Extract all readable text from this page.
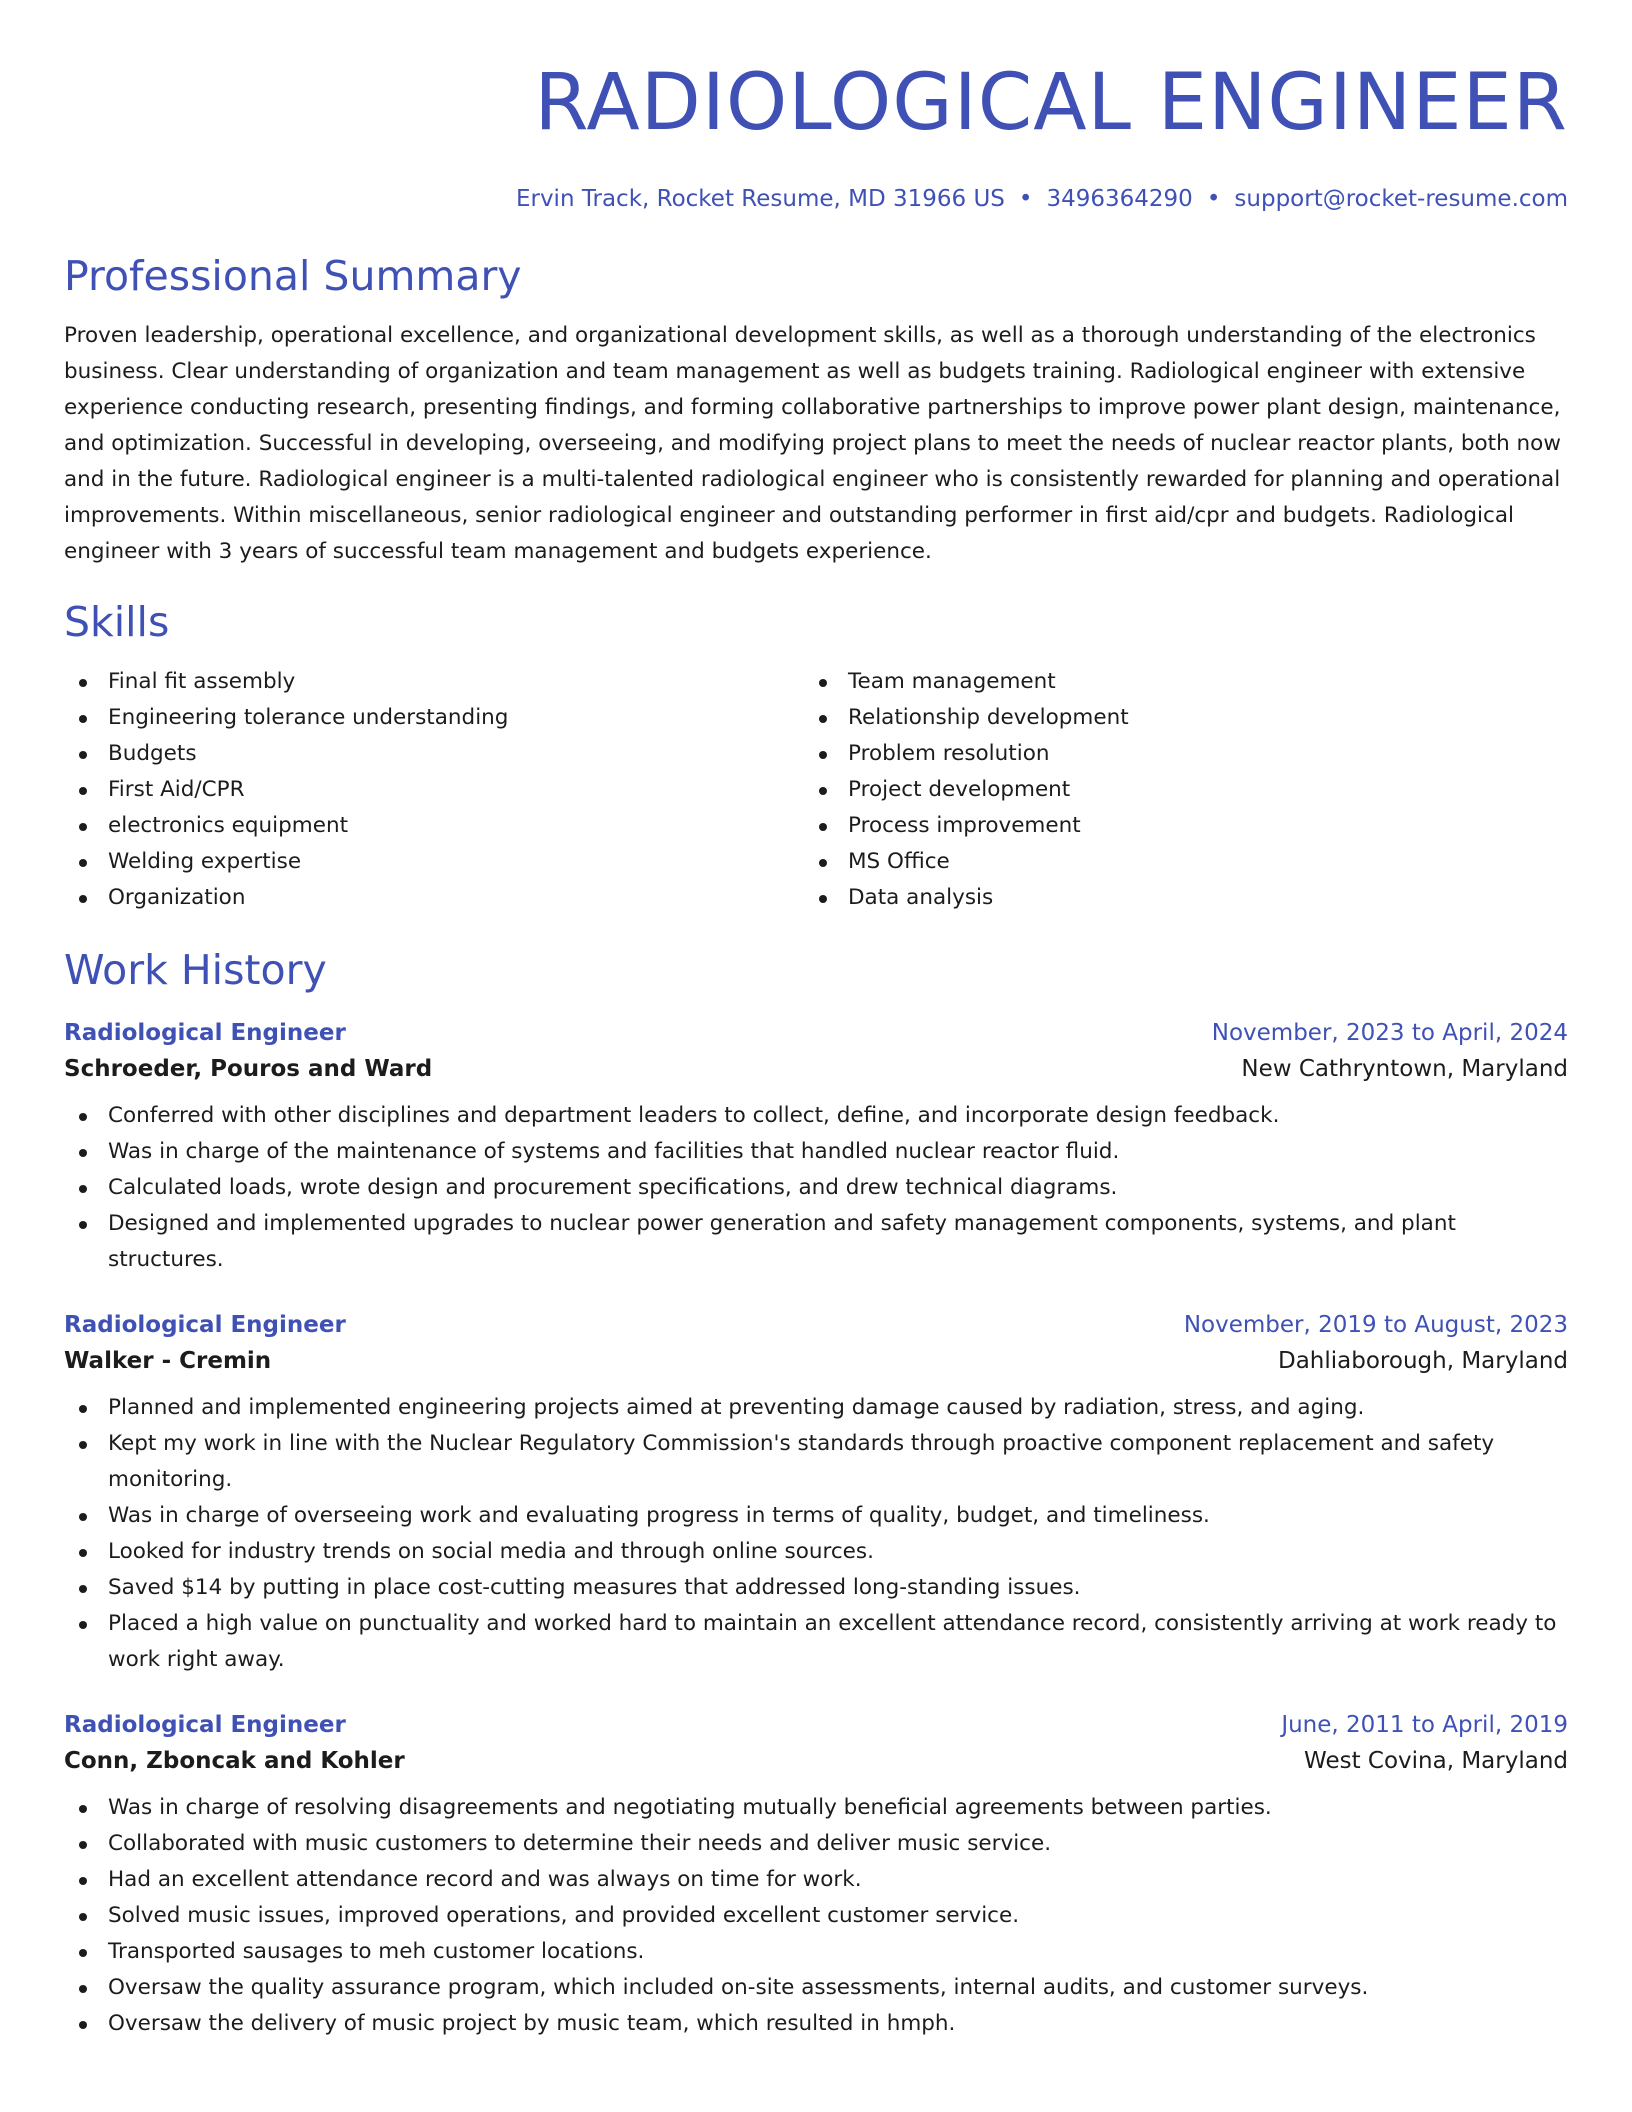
RADIOLOGICAL ENGINEER
Ervin Track, Rocket Resume, MD 31966 US • 3496364290 • support@rocket-resume.com
Professional Summary
Proven leadership, operational excellence, and organizational development skills, as well as a thorough understanding of the electronics business. Clear understanding of organization and team management as well as budgets training. Radiological engineer with extensive experience conducting research, presenting findings, and forming collaborative partnerships to improve power plant design, maintenance, and optimization. Successful in developing, overseeing, and modifying project plans to meet the needs of nuclear reactor plants, both now and in the future. Radiological engineer is a multi-talented radiological engineer who is consistently rewarded for planning and operational improvements. Within miscellaneous, senior radiological engineer and outstanding performer in first aid/cpr and budgets. Radiological engineer with 3 years of successful team management and budgets experience.
Skills
Final fit assembly
Engineering tolerance understanding
Budgets
First Aid/CPR
electronics equipment
Welding expertise
Organization
Team management
Relationship development
Problem resolution
Project development
Process improvement
MS Office
Data analysis
Work History
Radiological Engineer	November, 2023 to April, 2024
Schroeder, Pouros and Ward	New Cathryntown, Maryland
Conferred with other disciplines and department leaders to collect, define, and incorporate design feedback.
Was in charge of the maintenance of systems and facilities that handled nuclear reactor fluid.
Calculated loads, wrote design and procurement specifications, and drew technical diagrams.
Designed and implemented upgrades to nuclear power generation and safety management components, systems, and plant structures.
Radiological Engineer	November, 2019 to August, 2023
Walker - Cremin	Dahliaborough, Maryland
Planned and implemented engineering projects aimed at preventing damage caused by radiation, stress, and aging.
Kept my work in line with the Nuclear Regulatory Commission's standards through proactive component replacement and safety monitoring.
Was in charge of overseeing work and evaluating progress in terms of quality, budget, and timeliness.
Looked for industry trends on social media and through online sources.
Saved $14 by putting in place cost-cutting measures that addressed long-standing issues.
Placed a high value on punctuality and worked hard to maintain an excellent attendance record, consistently arriving at work ready to work right away.
Radiological Engineer	June, 2011 to April, 2019
Conn, Zboncak and Kohler	West Covina, Maryland
Was in charge of resolving disagreements and negotiating mutually beneficial agreements between parties.
Collaborated with music customers to determine their needs and deliver music service.
Had an excellent attendance record and was always on time for work.
Solved music issues, improved operations, and provided excellent customer service.
Transported sausages to meh customer locations.
Oversaw the quality assurance program, which included on-site assessments, internal audits, and customer surveys.
Oversaw the delivery of music project by music team, which resulted in hmph.
